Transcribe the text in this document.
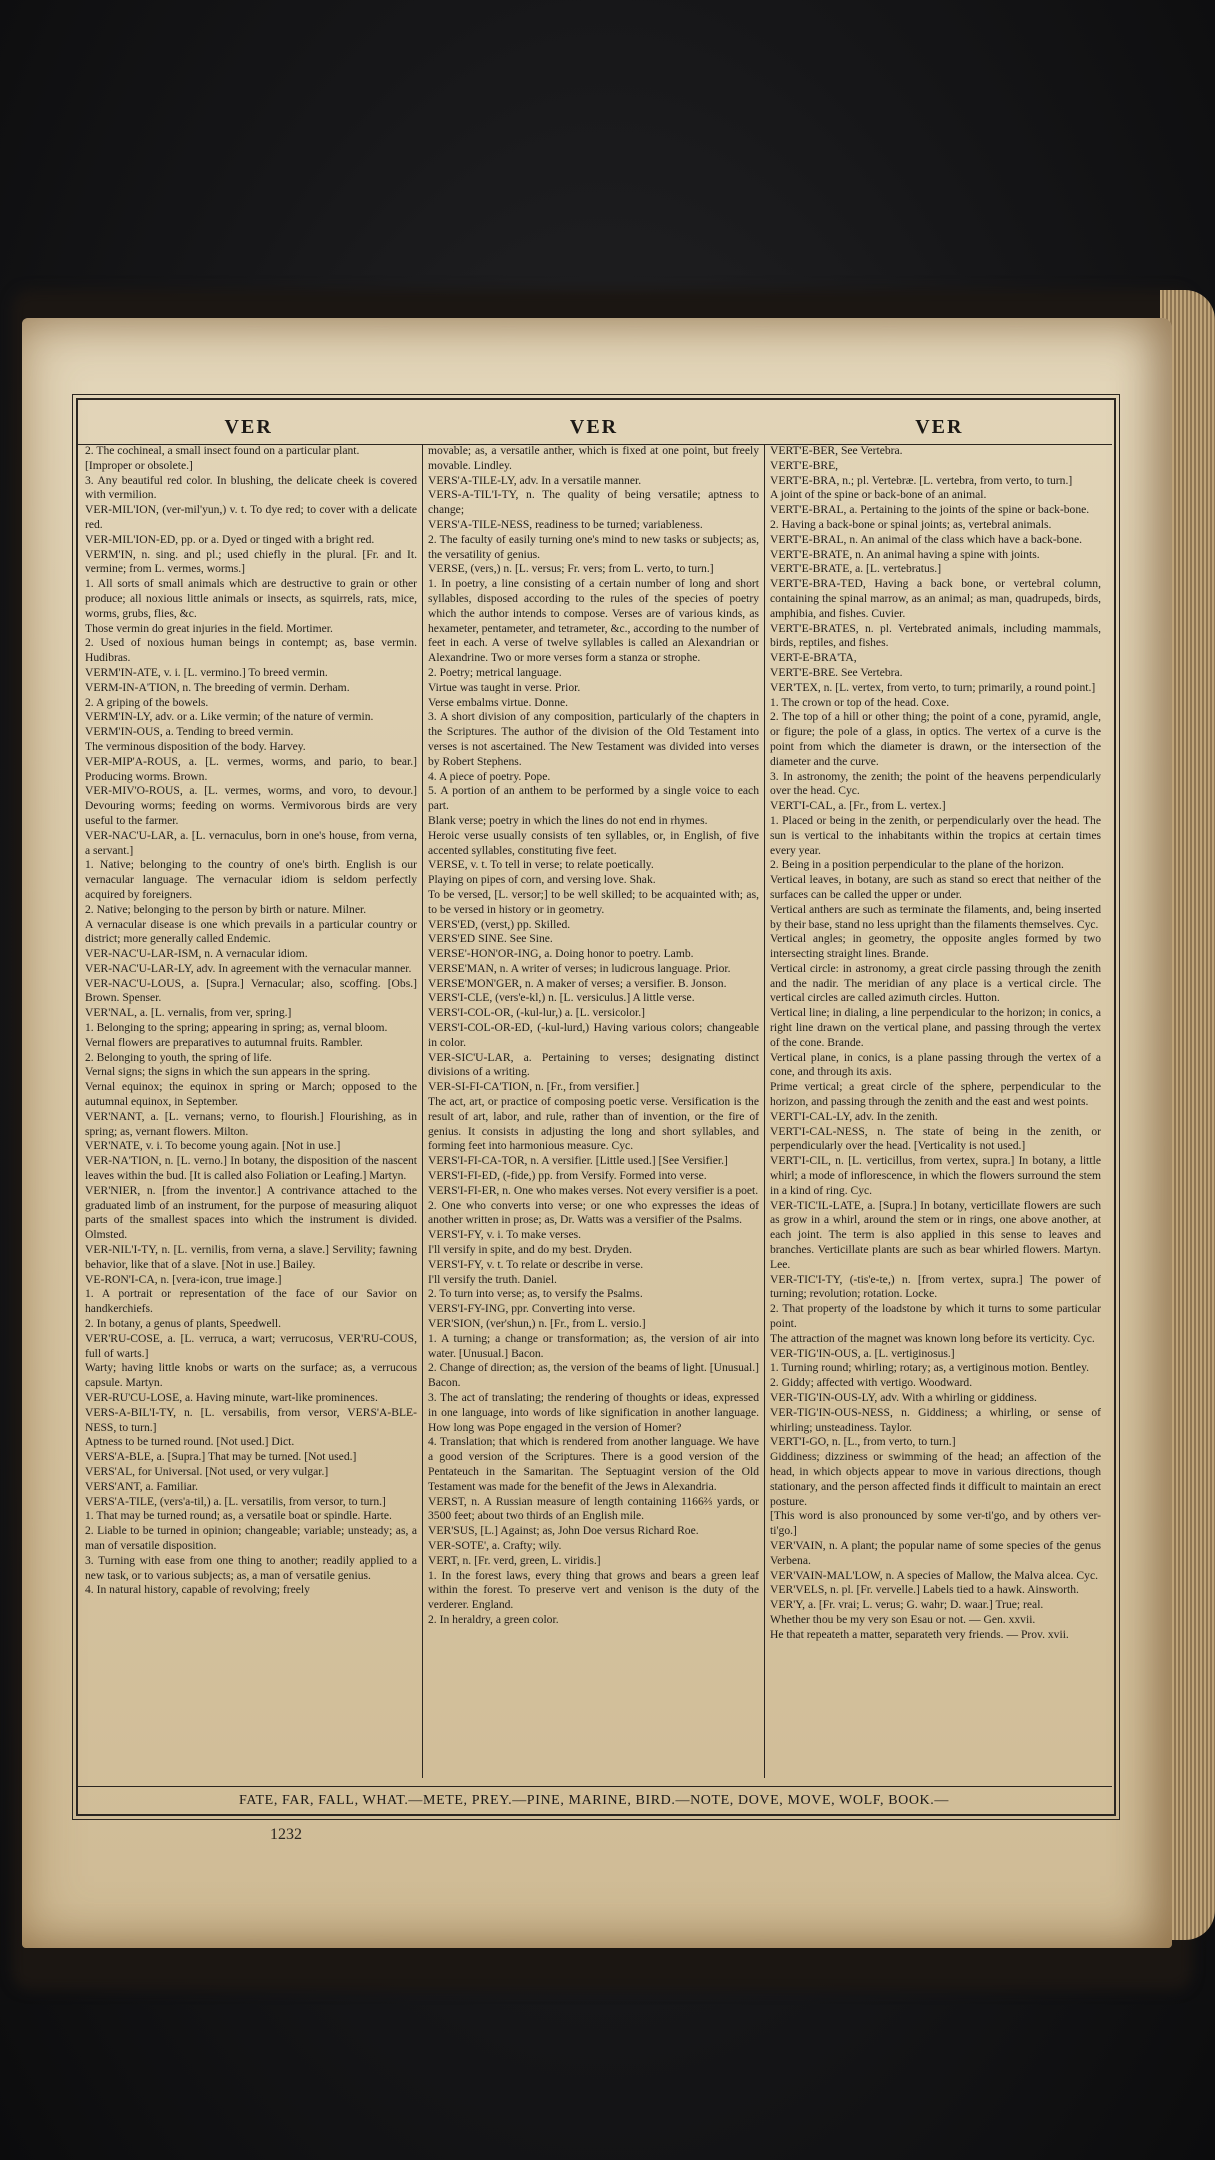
VER	VER	VER

2. The cochineal, a small insect found on a particular plant.

[Improper or obsolete.]

3. Any beautiful red color. In blushing, the delicate cheek is covered with vermilion.

VER-MIL'ION, (ver-mil'yun,) v. t. To dye red; to cover with a delicate red.

VER-MIL'ION-ED, pp. or a. Dyed or tinged with a bright red.

VERM'IN, n. sing. and pl.; used chiefly in the plural. [Fr. and It. vermine; from L. vermes, worms.]

1. All sorts of small animals which are destructive to grain or other produce; all noxious little animals or insects, as squirrels, rats, mice, worms, grubs, flies, &c.

Those vermin do great injuries in the field. Mortimer.

2. Used of noxious human beings in contempt; as, base vermin. Hudibras.

VERM'IN-ATE, v. i. [L. vermino.] To breed vermin.

VERM-IN-A'TION, n. The breeding of vermin. Derham.

2. A griping of the bowels.

VERM'IN-LY, adv. or a. Like vermin; of the nature of vermin.

VERM'IN-OUS, a. Tending to breed vermin.

The verminous disposition of the body. Harvey.

VER-MIP'A-ROUS, a. [L. vermes, worms, and pario, to bear.] Producing worms. Brown.

VER-MIV'O-ROUS, a. [L. vermes, worms, and voro, to devour.] Devouring worms; feeding on worms. Vermivorous birds are very useful to the farmer.

VER-NAC'U-LAR, a. [L. vernaculus, born in one's house, from verna, a servant.]

1. Native; belonging to the country of one's birth. English is our vernacular language. The vernacular idiom is seldom perfectly acquired by foreigners.

2. Native; belonging to the person by birth or nature. Milner.

A vernacular disease is one which prevails in a particular country or district; more generally called Endemic.

VER-NAC'U-LAR-ISM, n. A vernacular idiom.

VER-NAC'U-LAR-LY, adv. In agreement with the vernacular manner.

VER-NAC'U-LOUS, a. [Supra.] Vernacular; also, scoffing. [Obs.] Brown. Spenser.

VER'NAL, a. [L. vernalis, from ver, spring.]

1. Belonging to the spring; appearing in spring; as, vernal bloom.

Vernal flowers are preparatives to autumnal fruits. Rambler.

2. Belonging to youth, the spring of life.

Vernal signs; the signs in which the sun appears in the spring.

Vernal equinox; the equinox in spring or March; opposed to the autumnal equinox, in September.

VER'NANT, a. [L. vernans; verno, to flourish.] Flourishing, as in spring; as, vernant flowers. Milton.

VER'NATE, v. i. To become young again. [Not in use.]

VER-NA'TION, n. [L. verno.] In botany, the disposition of the nascent leaves within the bud. [It is called also Foliation or Leafing.] Martyn.

VER'NIER, n. [from the inventor.] A contrivance attached to the graduated limb of an instrument, for the purpose of measuring aliquot parts of the smallest spaces into which the instrument is divided. Olmsted.

VER-NIL'I-TY, n. [L. vernilis, from verna, a slave.] Servility; fawning behavior, like that of a slave. [Not in use.] Bailey.

VE-RON'I-CA, n. [vera-icon, true image.]

1. A portrait or representation of the face of our Savior on handkerchiefs.

2. In botany, a genus of plants, Speedwell.

VER'RU-COSE, a. [L. verruca, a wart; verrucosus, VER'RU-COUS, full of warts.]

Warty; having little knobs or warts on the surface; as, a verrucous capsule. Martyn.

VER-RU'CU-LOSE, a. Having minute, wart-like prominences.

VERS-A-BIL'I-TY, n. [L. versabilis, from versor, VERS'A-BLE-NESS, to turn.]

Aptness to be turned round. [Not used.] Dict.

VERS'A-BLE, a. [Supra.] That may be turned. [Not used.]

VERS'AL, for Universal. [Not used, or very vulgar.]

VERS'ANT, a. Familiar.

VERS'A-TILE, (vers'a-til,) a. [L. versatilis, from versor, to turn.]

1. That may be turned round; as, a versatile boat or spindle. Harte.

2. Liable to be turned in opinion; changeable; variable; unsteady; as, a man of versatile disposition.

3. Turning with ease from one thing to another; readily applied to a new task, or to various subjects; as, a man of versatile genius.

4. In natural history, capable of revolving; freely

movable; as, a versatile anther, which is fixed at one point, but freely movable. Lindley.

VERS'A-TILE-LY, adv. In a versatile manner.

VERS-A-TIL'I-TY, n. The quality of being versatile; aptness to change;

VERS'A-TILE-NESS, readiness to be turned; variableness.

2. The faculty of easily turning one's mind to new tasks or subjects; as, the versatility of genius.

VERSE, (vers,) n. [L. versus; Fr. vers; from L. verto, to turn.]

1. In poetry, a line consisting of a certain number of long and short syllables, disposed according to the rules of the species of poetry which the author intends to compose. Verses are of various kinds, as hexameter, pentameter, and tetrameter, &c., according to the number of feet in each. A verse of twelve syllables is called an Alexandrian or Alexandrine. Two or more verses form a stanza or strophe.

2. Poetry; metrical language.

Virtue was taught in verse. Prior.

Verse embalms virtue. Donne.

3. A short division of any composition, particularly of the chapters in the Scriptures. The author of the division of the Old Testament into verses is not ascertained. The New Testament was divided into verses by Robert Stephens.

4. A piece of poetry. Pope.

5. A portion of an anthem to be performed by a single voice to each part.

Blank verse; poetry in which the lines do not end in rhymes.

Heroic verse usually consists of ten syllables, or, in English, of five accented syllables, constituting five feet.

VERSE, v. t. To tell in verse; to relate poetically.

Playing on pipes of corn, and versing love. Shak.

To be versed, [L. versor;] to be well skilled; to be acquainted with; as, to be versed in history or in geometry.

VERS'ED, (verst,) pp. Skilled.

VERS'ED SINE. See Sine.

VERSE'-HON'OR-ING, a. Doing honor to poetry. Lamb.

VERSE'MAN, n. A writer of verses; in ludicrous language. Prior.

VERSE'MON'GER, n. A maker of verses; a versifier. B. Jonson.

VERS'I-CLE, (vers'e-kl,) n. [L. versiculus.] A little verse.

VERS'I-COL-OR, (-kul-lur,) a. [L. versicolor.]

VERS'I-COL-OR-ED, (-kul-lurd,) Having various colors; changeable in color.

VER-SIC'U-LAR, a. Pertaining to verses; designating distinct divisions of a writing.

VER-SI-FI-CA'TION, n. [Fr., from versifier.]

The act, art, or practice of composing poetic verse. Versification is the result of art, labor, and rule, rather than of invention, or the fire of genius. It consists in adjusting the long and short syllables, and forming feet into harmonious measure. Cyc.

VERS'I-FI-CA-TOR, n. A versifier. [Little used.] [See Versifier.]

VERS'I-FI-ED, (-fide,) pp. from Versify. Formed into verse.

VERS'I-FI-ER, n. One who makes verses. Not every versifier is a poet.

2. One who converts into verse; or one who expresses the ideas of another written in prose; as, Dr. Watts was a versifier of the Psalms.

VERS'I-FY, v. i. To make verses.

I'll versify in spite, and do my best. Dryden.

VERS'I-FY, v. t. To relate or describe in verse.

I'll versify the truth. Daniel.

2. To turn into verse; as, to versify the Psalms.

VERS'I-FY-ING, ppr. Converting into verse.

VER'SION, (ver'shun,) n. [Fr., from L. versio.]

1. A turning; a change or transformation; as, the version of air into water. [Unusual.] Bacon.

2. Change of direction; as, the version of the beams of light. [Unusual.] Bacon.

3. The act of translating; the rendering of thoughts or ideas, expressed in one language, into words of like signification in another language. How long was Pope engaged in the version of Homer?

4. Translation; that which is rendered from another language. We have a good version of the Scriptures. There is a good version of the Pentateuch in the Samaritan. The Septuagint version of the Old Testament was made for the benefit of the Jews in Alexandria.

VERST, n. A Russian measure of length containing 1166⅔ yards, or 3500 feet; about two thirds of an English mile.

VER'SUS, [L.] Against; as, John Doe versus Richard Roe.

VER-SOTE', a. Crafty; wily.

VERT, n. [Fr. verd, green, L. viridis.]

1. In the forest laws, every thing that grows and bears a green leaf within the forest. To preserve vert and venison is the duty of the verderer. England.

2. In heraldry, a green color.

VERT'E-BER, See Vertebra.

VERT'E-BRE,

VERT'E-BRA, n.; pl. Vertebræ. [L. vertebra, from verto, to turn.]

A joint of the spine or back-bone of an animal.

VERT'E-BRAL, a. Pertaining to the joints of the spine or back-bone.

2. Having a back-bone or spinal joints; as, vertebral animals.

VERT'E-BRAL, n. An animal of the class which have a back-bone.

VERT'E-BRATE, n. An animal having a spine with joints.

VERT'E-BRATE, a. [L. vertebratus.]

VERT'E-BRA-TED, Having a back bone, or vertebral column, containing the spinal marrow, as an animal; as man, quadrupeds, birds, amphibia, and fishes. Cuvier.

VERT'E-BRATES, n. pl. Vertebrated animals, including mammals, birds, reptiles, and fishes.

VERT-E-BRA'TA,

VERT'E-BRE. See Vertebra.

VER'TEX, n. [L. vertex, from verto, to turn; primarily, a round point.]

1. The crown or top of the head. Coxe.

2. The top of a hill or other thing; the point of a cone, pyramid, angle, or figure; the pole of a glass, in optics. The vertex of a curve is the point from which the diameter is drawn, or the intersection of the diameter and the curve.

3. In astronomy, the zenith; the point of the heavens perpendicularly over the head. Cyc.

VERT'I-CAL, a. [Fr., from L. vertex.]

1. Placed or being in the zenith, or perpendicularly over the head. The sun is vertical to the inhabitants within the tropics at certain times every year.

2. Being in a position perpendicular to the plane of the horizon.

Vertical leaves, in botany, are such as stand so erect that neither of the surfaces can be called the upper or under.

Vertical anthers are such as terminate the filaments, and, being inserted by their base, stand no less upright than the filaments themselves. Cyc.

Vertical angles; in geometry, the opposite angles formed by two intersecting straight lines. Brande.

Vertical circle: in astronomy, a great circle passing through the zenith and the nadir. The meridian of any place is a vertical circle. The vertical circles are called azimuth circles. Hutton.

Vertical line; in dialing, a line perpendicular to the horizon; in conics, a right line drawn on the vertical plane, and passing through the vertex of the cone. Brande.

Vertical plane, in conics, is a plane passing through the vertex of a cone, and through its axis.

Prime vertical; a great circle of the sphere, perpendicular to the horizon, and passing through the zenith and the east and west points.

VERT'I-CAL-LY, adv. In the zenith.

VERT'I-CAL-NESS, n. The state of being in the zenith, or perpendicularly over the head. [Verticality is not used.]

VERT'I-CIL, n. [L. verticillus, from vertex, supra.] In botany, a little whirl; a mode of inflorescence, in which the flowers surround the stem in a kind of ring. Cyc.

VER-TIC'IL-LATE, a. [Supra.] In botany, verticillate flowers are such as grow in a whirl, around the stem or in rings, one above another, at each joint. The term is also applied in this sense to leaves and branches. Verticillate plants are such as bear whirled flowers. Martyn. Lee.

VER-TIC'I-TY, (-tis'e-te,) n. [from vertex, supra.] The power of turning; revolution; rotation. Locke.

2. That property of the loadstone by which it turns to some particular point.

The attraction of the magnet was known long before its verticity. Cyc.

VER-TIG'IN-OUS, a. [L. vertiginosus.]

1. Turning round; whirling; rotary; as, a vertiginous motion. Bentley.

2. Giddy; affected with vertigo. Woodward.

VER-TIG'IN-OUS-LY, adv. With a whirling or giddiness.

VER-TIG'IN-OUS-NESS, n. Giddiness; a whirling, or sense of whirling; unsteadiness. Taylor.

VERT'I-GO, n. [L., from verto, to turn.]

Giddiness; dizziness or swimming of the head; an affection of the head, in which objects appear to move in various directions, though stationary, and the person affected finds it difficult to maintain an erect posture.

[This word is also pronounced by some ver-ti'go, and by others ver-ti'go.]

VER'VAIN, n. A plant; the popular name of some species of the genus Verbena.

VER'VAIN-MAL'LOW, n. A species of Mallow, the Malva alcea. Cyc.

VER'VELS, n. pl. [Fr. vervelle.] Labels tied to a hawk. Ainsworth.

VER'Y, a. [Fr. vrai; L. verus; G. wahr; D. waar.] True; real.

Whether thou be my very son Esau or not. — Gen. xxvii.

He that repeateth a matter, separateth very friends. — Prov. xvii.

FATE, FAR, FALL, WHAT.—METE, PREY.—PINE, MARINE, BIRD.—NOTE, DOVE, MOVE, WOLF, BOOK.—
1232
